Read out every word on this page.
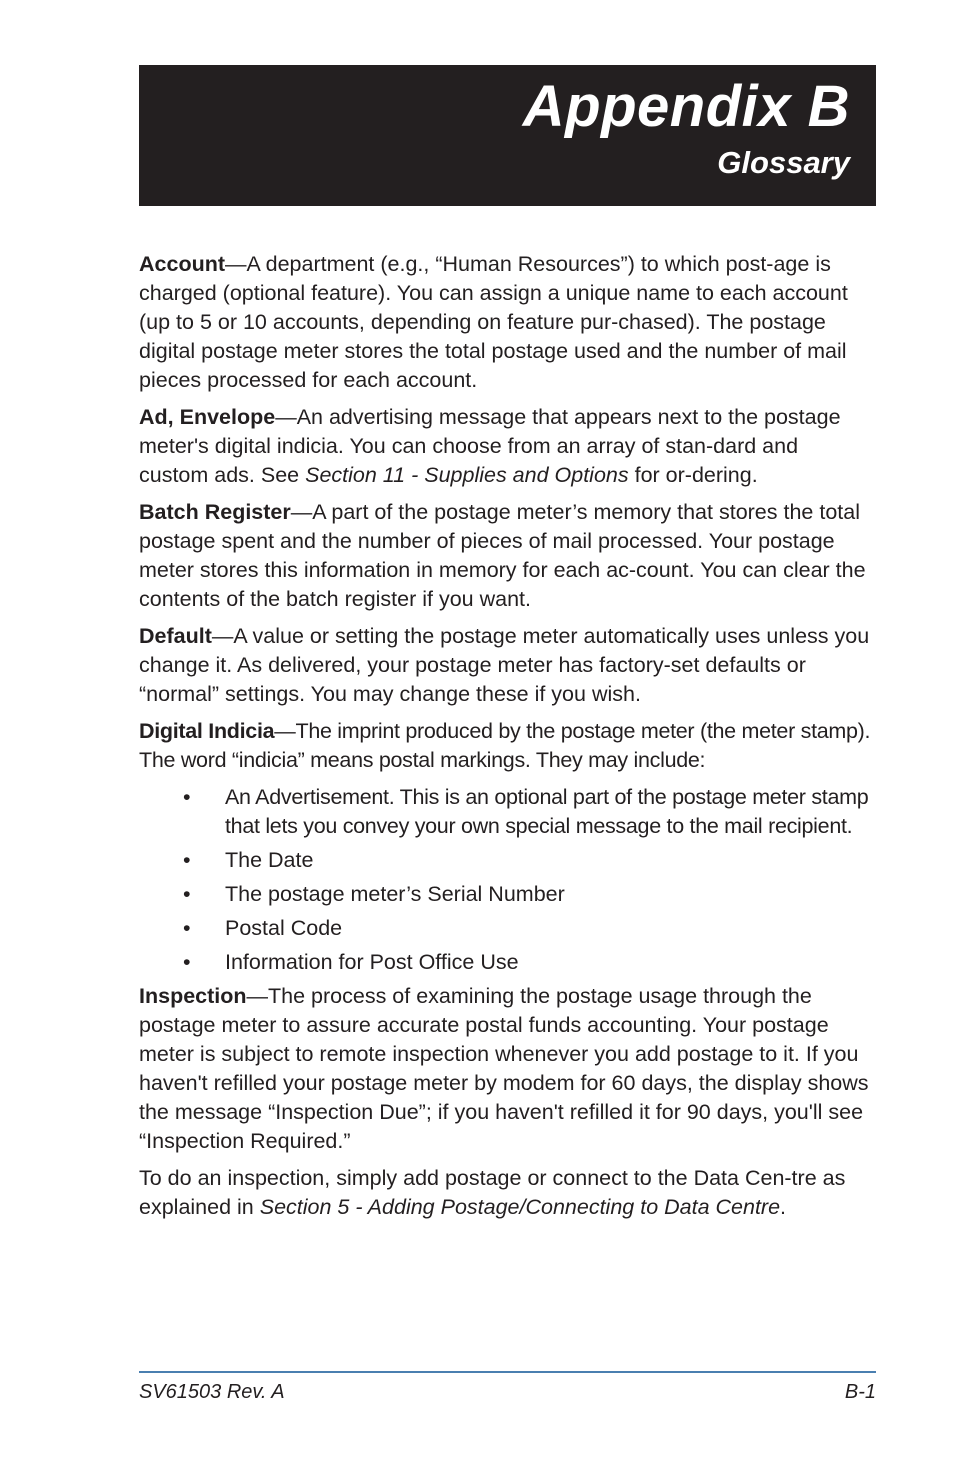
Appendix B
Glossary

Account—A department (e.g., “Human Resources”) to which post-age is charged (optional feature). You can assign a unique name to each account (up to 5 or 10 accounts, depending on feature pur-chased). The postage digital postage meter stores the total postage used and the number of mail pieces processed for each account.

Ad, Envelope—An advertising message that appears next to the postage meter's digital indicia. You can choose from an array of stan-dard and custom ads. See Section 11 - Supplies and Options for or-dering.

Batch Register—A part of the postage meter’s memory that stores the total postage spent and the number of pieces of mail processed. Your postage meter stores this information in memory for each ac-count. You can clear the contents of the batch register if you want.

Default—A value or setting the postage meter automatically uses unless you change it. As delivered, your postage meter has factory-set defaults or “normal” settings. You may change these if you wish.

Digital Indicia—The imprint produced by the postage meter (the meter stamp). The word “indicia” means postal markings. They may include:

• An Advertisement. This is an optional part of the postage meter stamp that lets you convey your own special message to the mail recipient.
• The Date
• The postage meter’s Serial Number
• Postal Code
• Information for Post Office Use

Inspection—The process of examining the postage usage through the postage meter to assure accurate postal funds accounting. Your postage meter is subject to remote inspection whenever you add postage to it. If you haven't refilled your postage meter by modem for 60 days, the display shows the message “Inspection Due”; if you haven't refilled it for 90 days, you'll see “Inspection Required.”

To do an inspection, simply add postage or connect to the Data Cen-tre as explained in Section 5 - Adding Postage/Connecting to Data Centre.

SV61503 Rev. A	B-1
